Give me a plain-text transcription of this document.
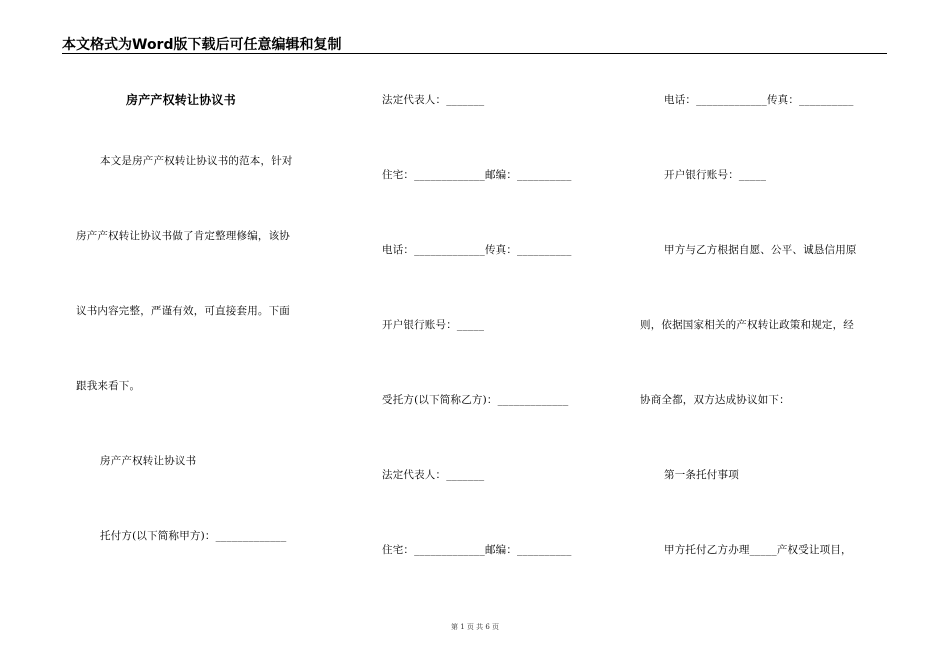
本文格式为Word版下载后可任意编辑和复制
房产产权转让协议书
本文是房产产权转让协议书的范本，针对
房产产权转让协议书做了肯定整理修编，该协
议书内容完整，严谨有效，可直接套用。下面
跟我来看下。
房产产权转让协议书
托付方(以下简称甲方)：_____________
法定代表人：_______
住宅：_____________邮编：__________
电话：_____________传真：__________
开户银行账号：_____
受托方(以下简称乙方)：_____________
法定代表人：_______
住宅：_____________邮编：__________
电话：_____________传真：__________
开户银行账号：_____
甲方与乙方根据自愿、公平、诚恳信用原
则，依据国家相关的产权转让政策和规定，经
协商全都，双方达成协议如下：
第一条托付事项
甲方托付乙方办理_____产权受让项目，
第 1 页 共 6 页
